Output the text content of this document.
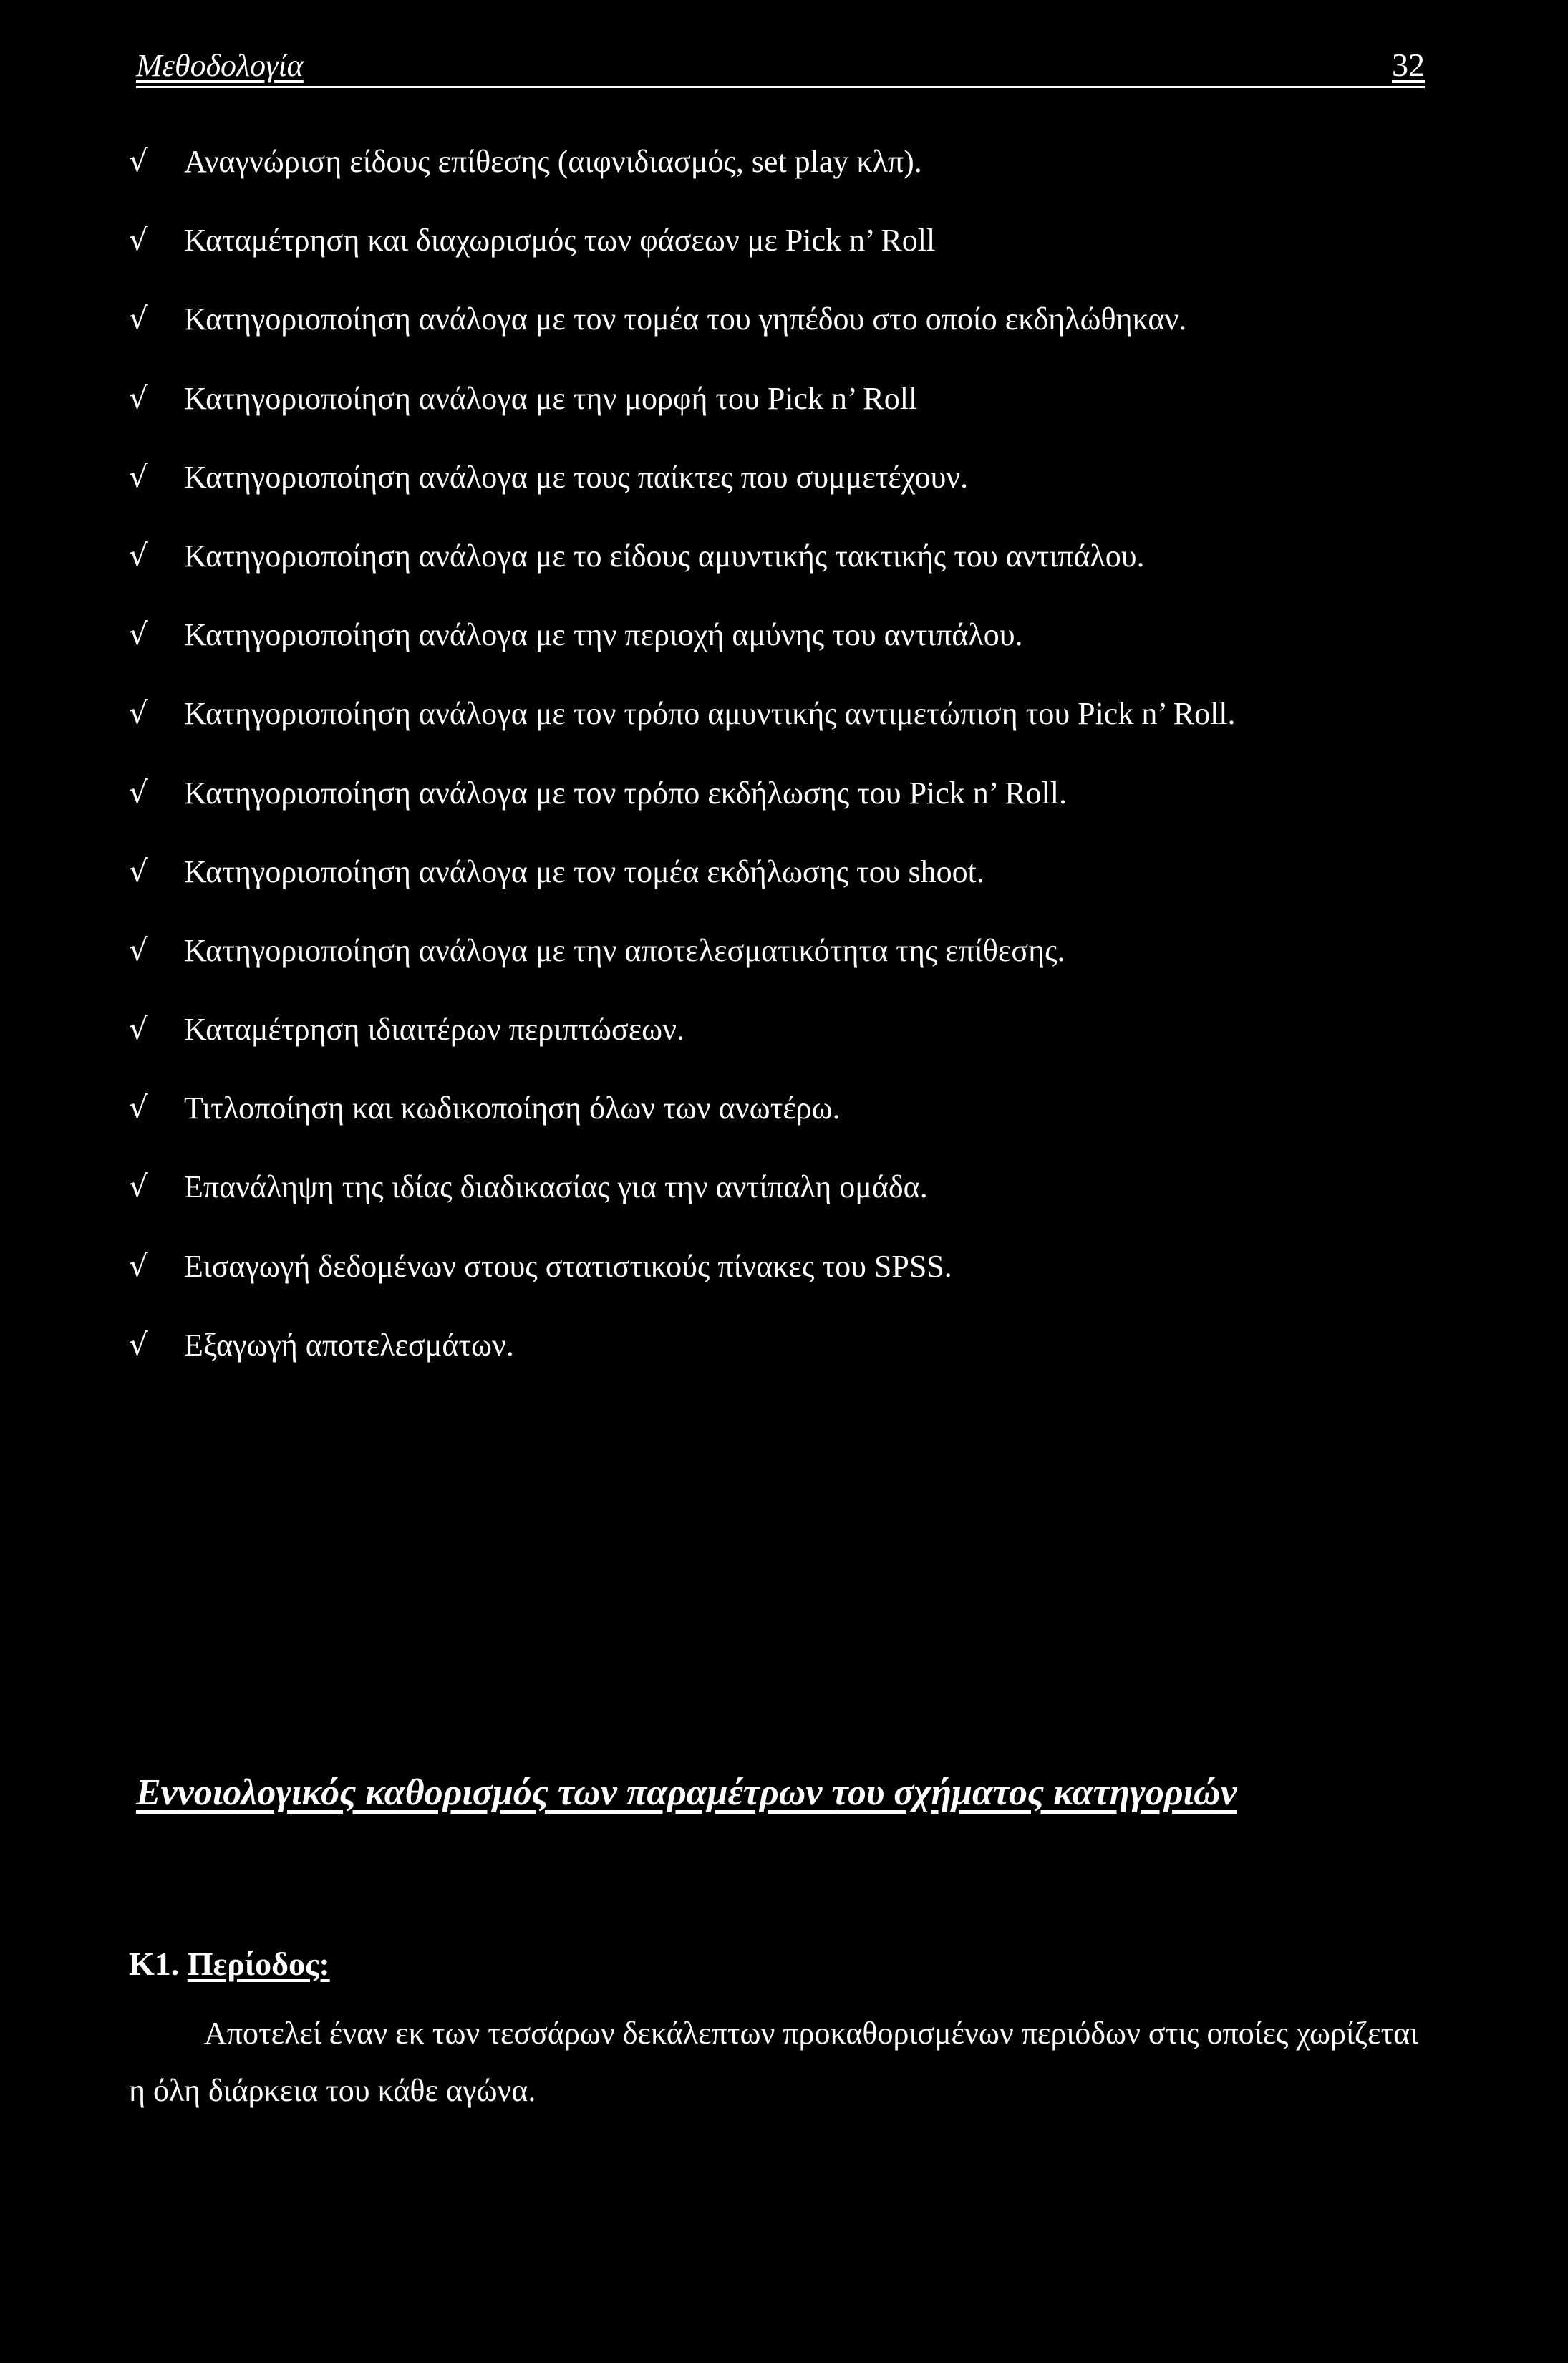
Μεθοδολογία	32
√ Αναγνώριση είδους επίθεσης (αιφνιδιασμός, set play κλπ).
√ Καταμέτρηση και διαχωρισμός των φάσεων με Pick n’ Roll
√ Κατηγοριοποίηση ανάλογα με τον τομέα του γηπέδου στο οποίο εκδηλώθηκαν.
√ Κατηγοριοποίηση ανάλογα με την μορφή του Pick n’ Roll
√ Κατηγοριοποίηση ανάλογα με τους παίκτες που συμμετέχουν.
√ Κατηγοριοποίηση ανάλογα με το είδους αμυντικής τακτικής του αντιπάλου.
√ Κατηγοριοποίηση ανάλογα με την περιοχή αμύνης του αντιπάλου.
√ Κατηγοριοποίηση ανάλογα με τον τρόπο αμυντικής αντιμετώπιση του Pick n’ Roll.
√ Κατηγοριοποίηση ανάλογα με τον τρόπο εκδήλωσης του Pick n’ Roll.
√ Κατηγοριοποίηση ανάλογα με τον τομέα εκδήλωσης του shoot.
√ Κατηγοριοποίηση ανάλογα με την αποτελεσματικότητα της επίθεσης.
√ Καταμέτρηση ιδιαιτέρων περιπτώσεων.
√ Τιτλοποίηση και κωδικοποίηση όλων των ανωτέρω.
√ Επανάληψη της ιδίας διαδικασίας για την αντίπαλη ομάδα.
√ Εισαγωγή δεδομένων στους στατιστικούς πίνακες του SPSS.
√ Εξαγωγή αποτελεσμάτων.
Εννοιολογικός καθορισμός των παραμέτρων του σχήματος κατηγοριών
K1. Περίοδος:

Αποτελεί έναν εκ των τεσσάρων δεκάλεπτων προκαθορισμένων περιόδων στις οποίες χωρίζεται η όλη διάρκεια του κάθε αγώνα.
